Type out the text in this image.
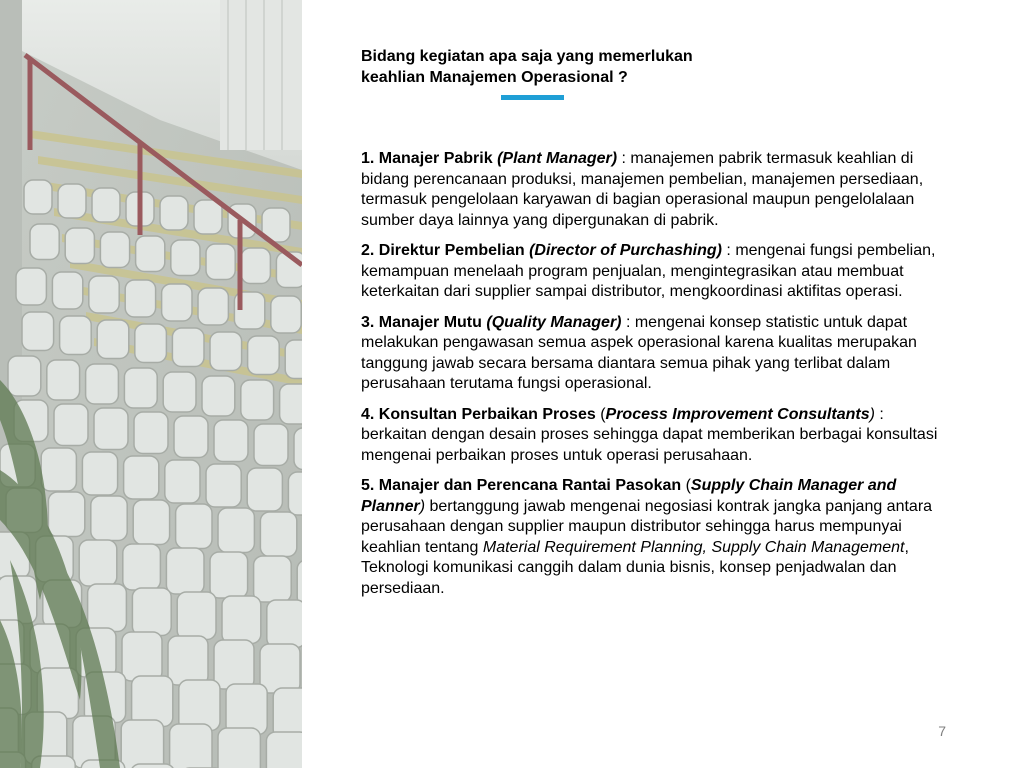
Bidang kegiatan apa saja yang memerlukan
keahlian Manajemen Operasional ?

1. Manajer Pabrik (Plant Manager) : manajemen pabrik termasuk keahlian di bidang perencanaan produksi, manajemen pembelian, manajemen persediaan, termasuk pengelolaan karyawan di bagian operasional maupun pengelolalaan sumber daya lainnya yang dipergunakan di pabrik.

2. Direktur Pembelian (Director of Purchashing) : mengenai fungsi pembelian, kemampuan menelaah program penjualan, mengintegrasikan atau membuat keterkaitan dari supplier sampai distributor, mengkoordinasi aktifitas operasi.

3. Manajer Mutu (Quality Manager) : mengenai konsep statistic untuk dapat melakukan pengawasan semua aspek operasional karena kualitas merupakan tanggung jawab secara bersama diantara semua pihak yang terlibat dalam perusahaan terutama fungsi operasional.

4. Konsultan Perbaikan Proses (Process Improvement Consultants) : berkaitan dengan desain proses sehingga dapat memberikan berbagai konsultasi mengenai perbaikan proses untuk operasi perusahaan.

5. Manajer dan Perencana Rantai Pasokan (Supply Chain Manager and Planner) bertanggung jawab mengenai negosiasi kontrak jangka panjang antara perusahaan dengan supplier maupun distributor sehingga harus mempunyai keahlian tentang Material Requirement Planning, Supply Chain Management, Teknologi komunikasi canggih dalam dunia bisnis, konsep penjadwalan dan persediaan.

7
